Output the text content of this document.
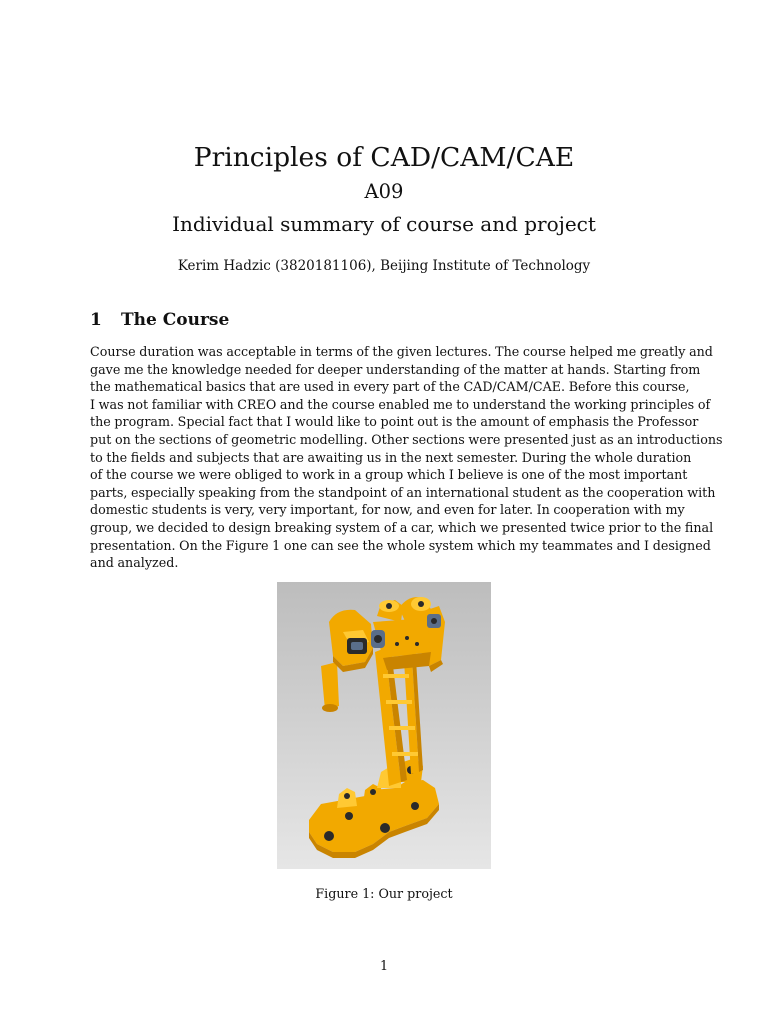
Principles of CAD/CAM/CAE
A09
Individual summary of course and project
Kerim Hadzic (3820181106), Beijing Institute of Technology
1 The Course
Course duration was acceptable in terms of the given lectures. The course helped me greatly and
gave me the knowledge needed for deeper understanding of the matter at hands. Starting from
the mathematical basics that are used in every part of the CAD/CAM/CAE. Before this course,
I was not familiar with CREO and the course enabled me to understand the working principles of
the program. Special fact that I would like to point out is the amount of emphasis the Professor
put on the sections of geometric modelling. Other sections were presented just as an introductions
to the fields and subjects that are awaiting us in the next semester. During the whole duration
of the course we were obliged to work in a group which I believe is one of the most important
parts, especially speaking from the standpoint of an international student as the cooperation with
domestic students is very, very important, for now, and even for later. In cooperation with my
group, we decided to design breaking system of a car, which we presented twice prior to the final
presentation. On the Figure 1 one can see the whole system which my teammates and I designed
and analyzed.
Figure 1: Our project
1
